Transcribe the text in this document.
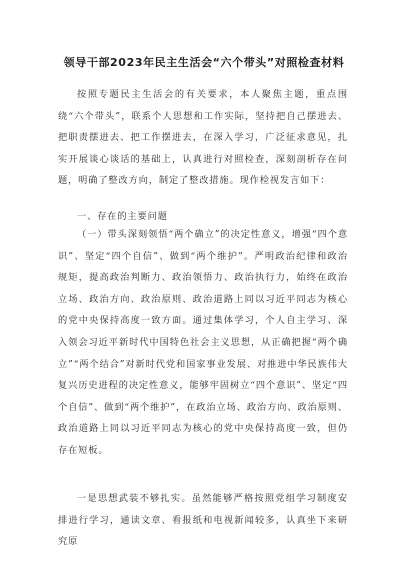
领导干部2023年民主生活会“六个带头”对照检查材料

按照专题民主生活会的有关要求，本人聚焦主题，重点围绕“六个带头”，联系个人思想和工作实际，坚持把自己摆进去、把职责摆进去、把工作摆进去，在深入学习，广泛征求意见，扎实开展谈心谈话的基础上，认真进行对照检查，深刻剖析存在问题，明确了整改方向，制定了整改措施。现作检视发言如下：

一、存在的主要问题

（一）带头深刻领悟“两个确立”的决定性意义，增强“四个意识”、坚定“四个自信”、做到“两个维护”。严明政治纪律和政治规矩，提高政治判断力、政治领悟力、政治执行力，始终在政治立场、政治方向、政治原则、政治道路上同以习近平同志为核心的党中央保持高度一致方面。通过集体学习，个人自主学习、深入领会习近平新时代中国特色社会主义思想，从正确把握“两个确立”“两个结合”对新时代党和国家事业发展、对推进中华民族伟大复兴历史进程的决定性意义，能够牢固树立“四个意识”、坚定“四个自信”、做到“两个维护”，在政治立场、政治方向、政治原则、政治道路上同以习近平同志为核心的党中央保持高度一致，但仍存在短板。

一是思想武装不够扎实。虽然能够严格按照党组学习制度安排进行学习，通读文章、看报纸和电视新闻较多，认真坐下来研究原
